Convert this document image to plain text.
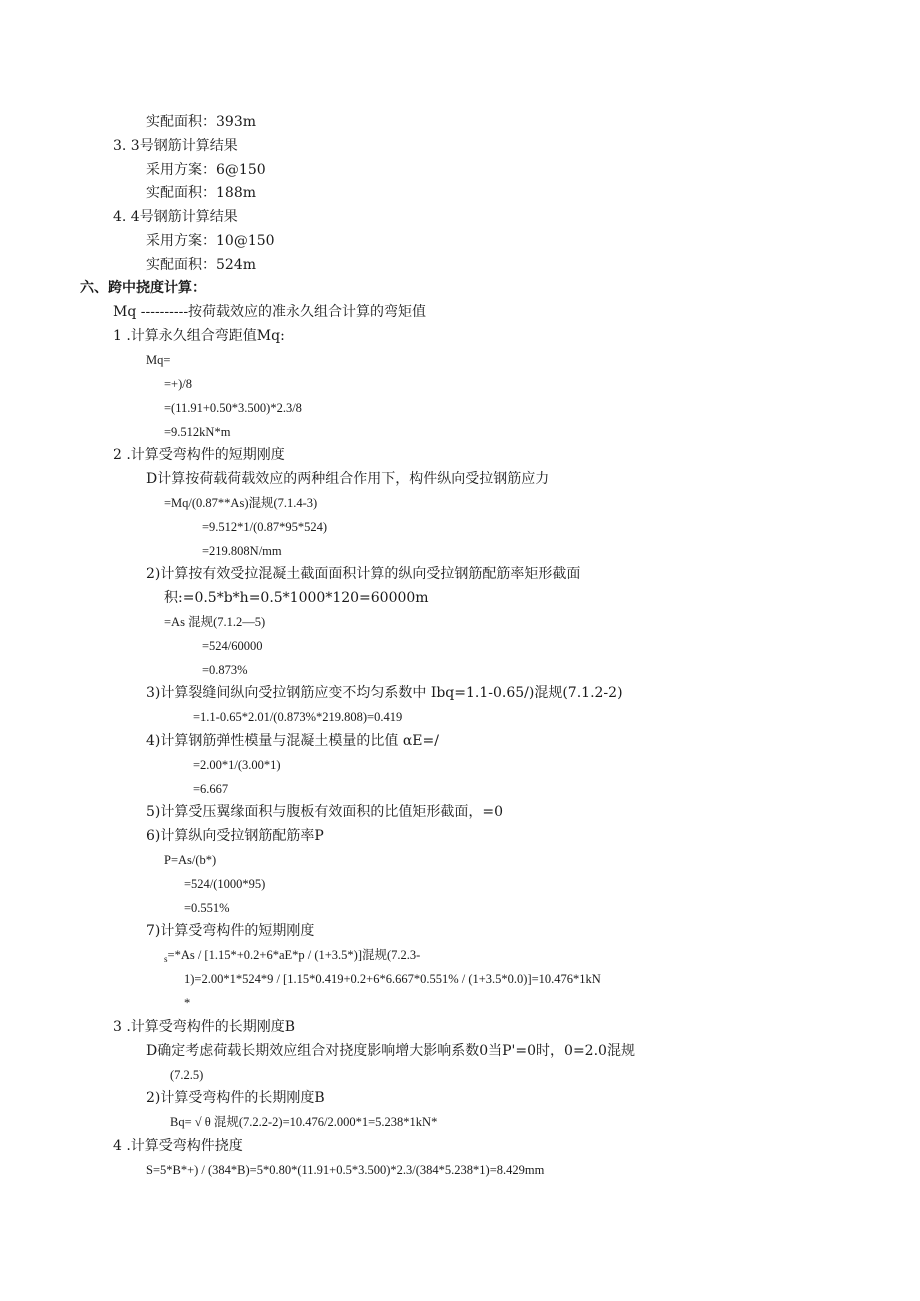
实配面积：393m
3. 3号钢筋计算结果
采用方案：6@150
实配面积：188m
4. 4号钢筋计算结果
采用方案：10@150
实配面积：524m
六、跨中挠度计算：
Mq ----------按荷载效应的准永久组合计算的弯矩值
1 .计算永久组合弯距值Mq:
Mq=
=+)/8
=(11.91+0.50*3.500)*2.3/8
=9.512kN*m
2 .计算受弯构件的短期刚度
D计算按荷载荷载效应的两种组合作用下，构件纵向受拉钢筋应力
=Mq/(0.87**As)混规(7.1.4-3)
=9.512*1/(0.87*95*524)
=219.808N/mm
2)计算按有效受拉混凝土截面面积计算的纵向受拉钢筋配筋率矩形截面
积:=0.5*b*h=0.5*1000*120=60000m
=As 混规(7.1.2—5)
=524/60000
=0.873%
3)计算裂缝间纵向受拉钢筋应变不均匀系数中 Ibq=1.1-0.65/)混规(7.1.2-2)
=1.1-0.65*2.01/(0.873%*219.808)=0.419
4)计算钢筋弹性模量与混凝土模量的比值 αE=/
=2.00*1/(3.00*1)
=6.667
5)计算受压翼缘面积与腹板有效面积的比值矩形截面，=0
6)计算纵向受拉钢筋配筋率P
P=As/(b*)
=524/(1000*95)
=0.551%
7)计算受弯构件的短期刚度
$_s$=*As / [1.15*+0.2+6*aE*p / (1+3.5*)]混规(7.2.3-
1)=2.00*1*524*9 / [1.15*0.419+0.2+6*6.667*0.551% / (1+3.5*0.0)]=10.476*1kN
*
3 .计算受弯构件的长期刚度B
D确定考虑荷载长期效应组合对挠度影响增大影响系数0当P'=0时，0=2.0混规
(7.2.5)
2)计算受弯构件的长期刚度B
Bq= √ θ 混规(7.2.2-2)=10.476/2.000*1=5.238*1kN*
4 .计算受弯构件挠度
S=5*B*+) / (384*B)=5*0.80*(11.91+0.5*3.500)*2.3/(384*5.238*1)=8.429mm
